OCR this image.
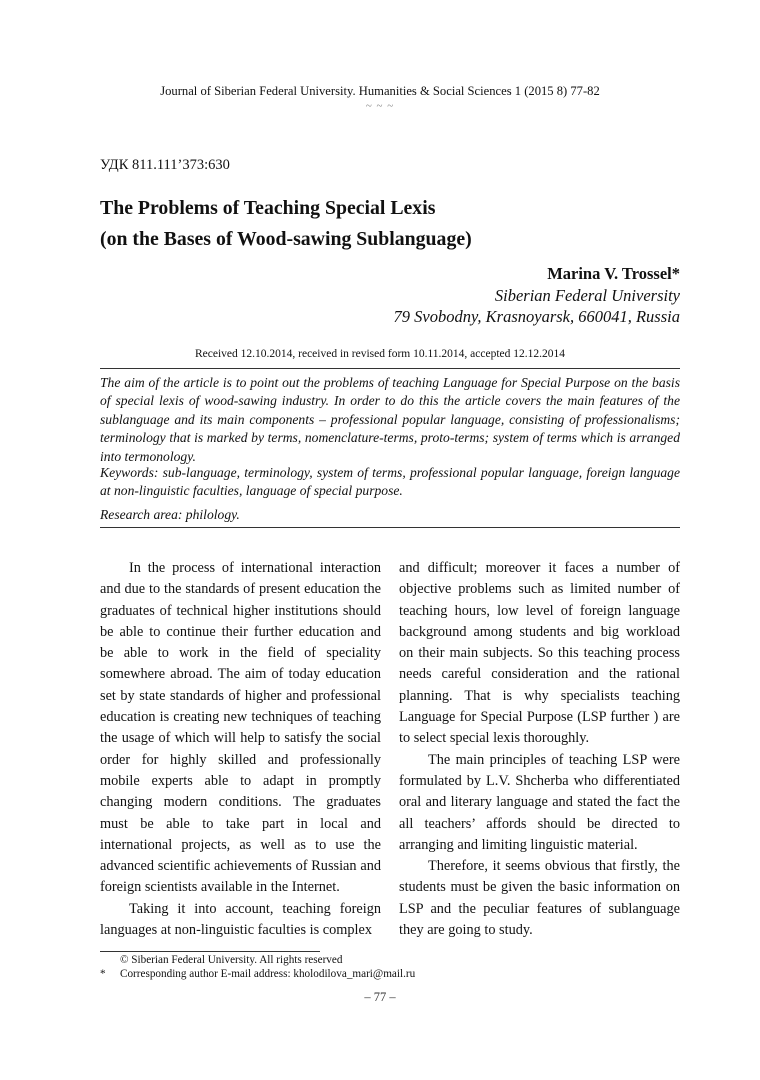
Journal of Siberian Federal University. Humanities & Social Sciences 1 (2015 8) 77-82
~ ~ ~
УДК 811.111’373:630
The Problems of Teaching Special Lexis
(on the Bases of Wood-sawing Sublanguage)
Marina V. Trossel*
Siberian Federal University
79 Svobodny, Krasnoyarsk, 660041, Russia
Received 12.10.2014, received in revised form 10.11.2014, accepted 12.12.2014
The aim of the article is to point out the problems of teaching Language for Special Purpose on the basis of special lexis of wood-sawing industry. In order to do this the article covers the main features of the sublanguage and its main components – professional popular language, consisting of professionalisms; terminology that is marked by terms, nomenclature-terms, proto-terms; system of terms which is arranged into termonology.
Keywords: sub-language, terminology, system of terms, professional popular language, foreign language at non-linguistic faculties, language of special purpose.
Research area: philology.

In the process of international interaction and due to the standards of present education the graduates of technical higher institutions should be able to continue their further education and be able to work in the field of speciality somewhere abroad. The aim of today education set by state standards of higher and professional education is creating new techniques of teaching the usage of which will help to satisfy the social order for highly skilled and professionally mobile experts able to adapt in promptly changing modern conditions. The graduates must be able to take part in local and international projects, as well as to use the advanced scientific achievements of Russian and foreign scientists available in the Internet.

Taking it into account, teaching foreign languages at non-linguistic faculties is complex

and difficult; moreover it faces a number of objective problems such as limited number of teaching hours, low level of foreign language background among students and big workload on their main subjects. So this teaching process needs careful consideration and the rational planning. That is why specialists teaching Language for Special Purpose (LSP further ) are to select special lexis thoroughly.

The main principles of teaching LSP were formulated by L.V. Shcherba who differentiated oral and literary language and stated the fact the all teachers’ affords should be directed to arranging and limiting linguistic material.

Therefore, it seems obvious that firstly, the students must be given the basic information on LSP and the peculiar features of sublanguage they are going to study.

© Siberian Federal University. All rights reserved
*	Corresponding author E-mail address: kholodilova_mari@mail.ru
– 77 –
